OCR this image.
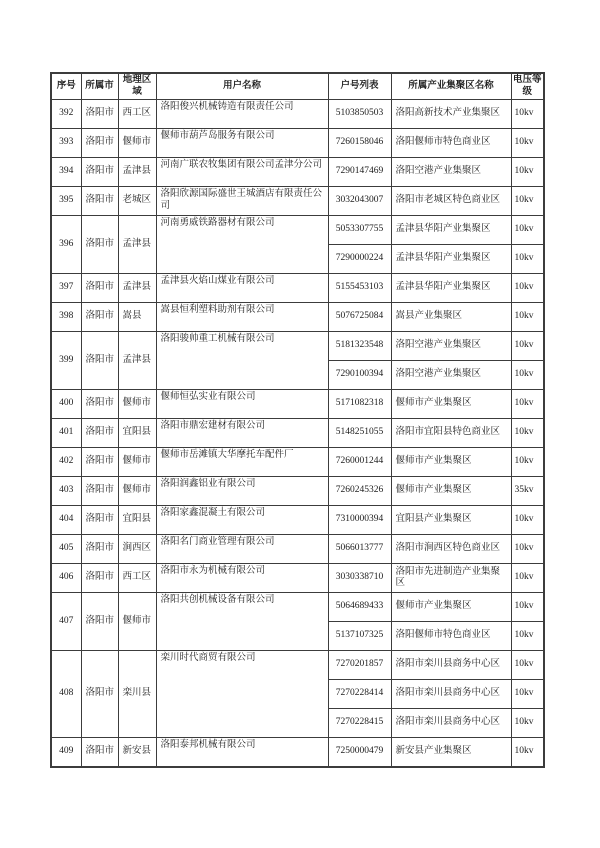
序号	所属市	地理区域	用户名称	户号列表	所属产业集聚区名称	电压等级
392	洛阳市	西工区	洛阳俊兴机械铸造有限责任公司	5103850503	洛阳高新技术产业集聚区	10kv
393	洛阳市	偃师市	偃师市葫芦岛服务有限公司	7260158046	洛阳偃师市特色商业区	10kv
394	洛阳市	孟津县	河南广联农牧集团有限公司孟津分公司	7290147469	洛阳空港产业集聚区	10kv
395	洛阳市	老城区	洛阳欣源国际盛世王城酒店有限责任公司	3032043007	洛阳市老城区特色商业区	10kv
396	洛阳市	孟津县	河南勇威铁路器材有限公司	5053307755	孟津县华阳产业集聚区	10kv
				7290000224	孟津县华阳产业集聚区	10kv
397	洛阳市	孟津县	孟津县火焰山煤业有限公司	5155453103	孟津县华阳产业集聚区	10kv
398	洛阳市	嵩县	嵩县恒利塑料助剂有限公司	5076725084	嵩县产业集聚区	10kv
399	洛阳市	孟津县	洛阳骏帅重工机械有限公司	5181323548	洛阳空港产业集聚区	10kv
				7290100394	洛阳空港产业集聚区	10kv
400	洛阳市	偃师市	偃师恒弘实业有限公司	5171082318	偃师市产业集聚区	10kv
401	洛阳市	宜阳县	洛阳市鼎宏建材有限公司	5148251055	洛阳市宜阳县特色商业区	10kv
402	洛阳市	偃师市	偃师市岳滩镇大华摩托车配件厂	7260001244	偃师市产业集聚区	10kv
403	洛阳市	偃师市	洛阳润鑫铝业有限公司	7260245326	偃师市产业集聚区	35kv
404	洛阳市	宜阳县	洛阳家鑫混凝土有限公司	7310000394	宜阳县产业集聚区	10kv
405	洛阳市	涧西区	洛阳名门商业管理有限公司	5066013777	洛阳市涧西区特色商业区	10kv
406	洛阳市	西工区	洛阳市永为机械有限公司	3030338710	洛阳市先进制造产业集聚区	10kv
407	洛阳市	偃师市	洛阳共创机械设备有限公司	5064689433	偃师市产业集聚区	10kv
				5137107325	洛阳偃师市特色商业区	10kv
408	洛阳市	栾川县	栾川时代商贸有限公司	7270201857	洛阳市栾川县商务中心区	10kv
				7270228414	洛阳市栾川县商务中心区	10kv
				7270228415	洛阳市栾川县商务中心区	10kv
409	洛阳市	新安县	洛阳泰邦机械有限公司	7250000479	新安县产业集聚区	10kv
